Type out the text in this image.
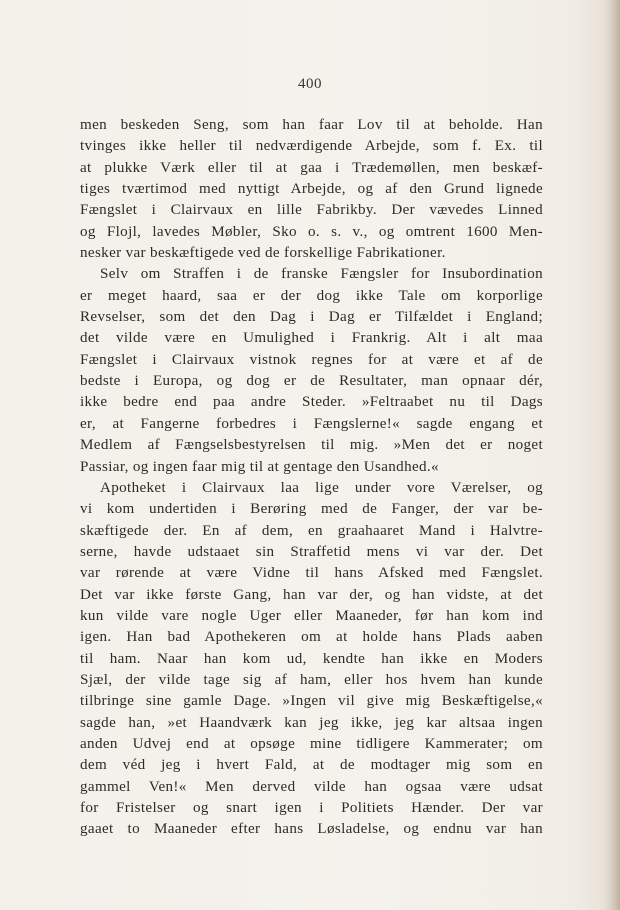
400
men beskeden Seng, som han faar Lov til at beholde. Han
tvinges ikke heller til nedværdigende Arbejde, som f. Ex. til
at plukke Værk eller til at gaa i Trædemøllen, men beskæf-
tiges tværtimod med nyttigt Arbejde, og af den Grund lignede
Fængslet i Clairvaux en lille Fabrikby. Der vævedes Linned
og Flojl, lavedes Møbler, Sko o. s. v., og omtrent 1600 Men-
nesker var beskæftigede ved de forskellige Fabrikationer.
Selv om Straffen i de franske Fængsler for Insubordination
er meget haard, saa er der dog ikke Tale om korporlige
Revselser, som det den Dag i Dag er Tilfældet i England;
det vilde være en Umulighed i Frankrig. Alt i alt maa
Fængslet i Clairvaux vistnok regnes for at være et af de
bedste i Europa, og dog er de Resultater, man opnaar dér,
ikke bedre end paa andre Steder. »Feltraabet nu til Dags
er, at Fangerne forbedres i Fængslerne!« sagde engang et
Medlem af Fængselsbestyrelsen til mig. »Men det er noget
Passiar, og ingen faar mig til at gentage den Usandhed.«
Apotheket i Clairvaux laa lige under vore Værelser, og
vi kom undertiden i Berøring med de Fanger, der var be-
skæftigede der. En af dem, en graahaaret Mand i Halvtre-
serne, havde udstaaet sin Straffetid mens vi var der. Det
var rørende at være Vidne til hans Afsked med Fængslet.
Det var ikke første Gang, han var der, og han vidste, at det
kun vilde vare nogle Uger eller Maaneder, før han kom ind
igen. Han bad Apothekeren om at holde hans Plads aaben
til ham. Naar han kom ud, kendte han ikke en Moders
Sjæl, der vilde tage sig af ham, eller hos hvem han kunde
tilbringe sine gamle Dage. »Ingen vil give mig Beskæftigelse,«
sagde han, »et Haandværk kan jeg ikke, jeg kar altsaa ingen
anden Udvej end at opsøge mine tidligere Kammerater; om
dem véd jeg i hvert Fald, at de modtager mig som en
gammel Ven!« Men derved vilde han ogsaa være udsat
for Fristelser og snart igen i Politiets Hænder. Der var
gaaet to Maaneder efter hans Løsladelse, og endnu var han
